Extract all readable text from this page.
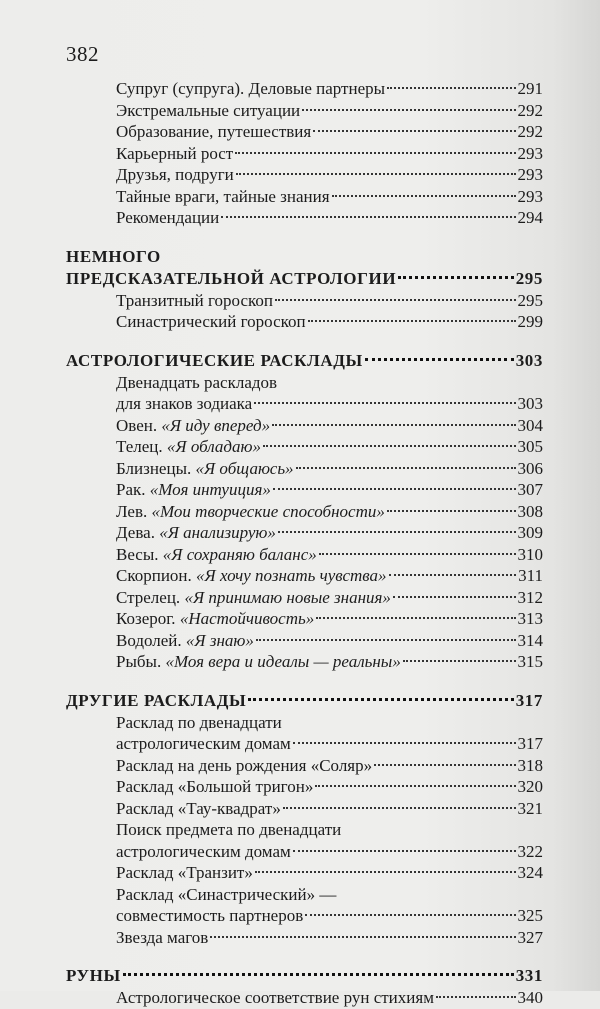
382
Супруг (супруга). Деловые партнеры	291
Экстремальные ситуации	292
Образование, путешествия	292
Карьерный рост	293
Друзья, подруги	293
Тайные враги, тайные знания	293
Рекомендации	294
НЕМНОГО
ПРЕДСКАЗАТЕЛЬНОЙ АСТРОЛОГИИ	295
Транзитный гороскоп	295
Синастрический гороскоп	299
АСТРОЛОГИЧЕСКИЕ РАСКЛАДЫ	303
Двенадцать раскладов
для знаков зодиака	303
Овен. «Я иду вперед»	304
Телец. «Я обладаю»	305
Близнецы. «Я общаюсь»	306
Рак. «Моя интуиция»	307
Лев. «Мои творческие способности»	308
Дева. «Я анализирую»	309
Весы. «Я сохраняю баланс»	310
Скорпион. «Я хочу познать чувства»	311
Стрелец. «Я принимаю новые знания»	312
Козерог. «Настойчивость»	313
Водолей. «Я знаю»	314
Рыбы. «Моя вера и идеалы — реальны»	315
ДРУГИЕ РАСКЛАДЫ	317
Расклад по двенадцати
астрологическим домам	317
Расклад на день рождения «Соляр»	318
Расклад «Большой тригон»	320
Расклад «Тау-квадрат»	321
Поиск предмета по двенадцати
астрологическим домам	322
Расклад «Транзит»	324
Расклад «Синастрический» —
совместимость партнеров	325
Звезда магов	327
РУНЫ	331
Астрологическое соответствие рун стихиям	340
